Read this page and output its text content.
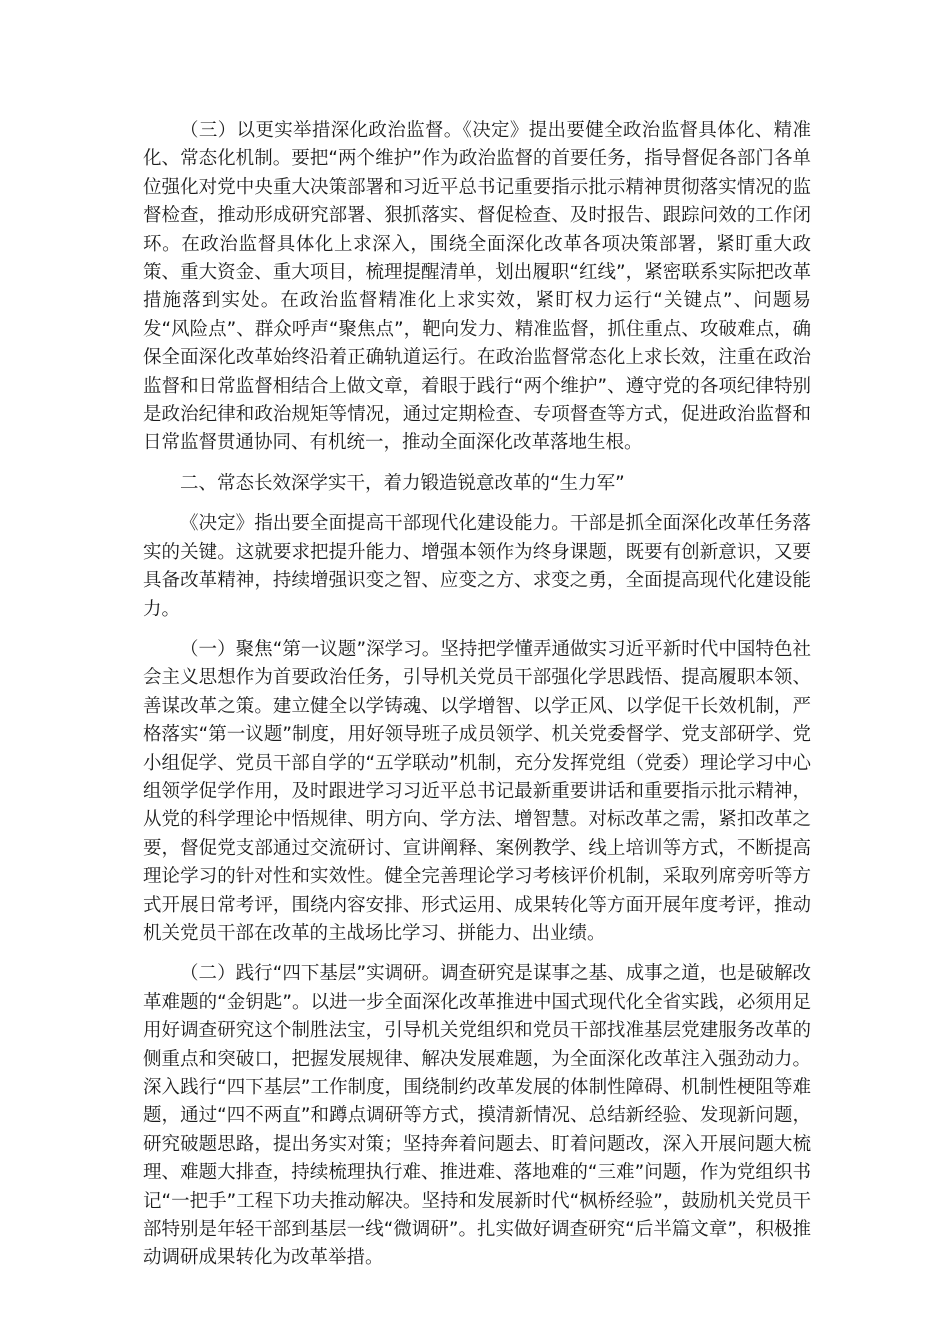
（三）以更实举措深化政治监督。《决定》提出要健全政治监督具体化、精准化、常态化机制。要把“两个维护”作为政治监督的首要任务，指导督促各部门各单位强化对党中央重大决策部署和习近平总书记重要指示批示精神贯彻落实情况的监督检查，推动形成研究部署、狠抓落实、督促检查、及时报告、跟踪问效的工作闭环。在政治监督具体化上求深入，围绕全面深化改革各项决策部署，紧盯重大政策、重大资金、重大项目，梳理提醒清单，划出履职“红线”，紧密联系实际把改革措施落到实处。在政治监督精准化上求实效，紧盯权力运行“关键点”、问题易发“风险点”、群众呼声“聚焦点”，靶向发力、精准监督，抓住重点、攻破难点，确保全面深化改革始终沿着正确轨道运行。在政治监督常态化上求长效，注重在政治监督和日常监督相结合上做文章，着眼于践行“两个维护”、遵守党的各项纪律特别是政治纪律和政治规矩等情况，通过定期检查、专项督查等方式，促进政治监督和日常监督贯通协同、有机统一，推动全面深化改革落地生根。

二、常态长效深学实干，着力锻造锐意改革的“生力军”

《决定》指出要全面提高干部现代化建设能力。干部是抓全面深化改革任务落实的关键。这就要求把提升能力、增强本领作为终身课题，既要有创新意识，又要具备改革精神，持续增强识变之智、应变之方、求变之勇，全面提高现代化建设能力。

（一）聚焦“第一议题”深学习。坚持把学懂弄通做实习近平新时代中国特色社会主义思想作为首要政治任务，引导机关党员干部强化学思践悟、提高履职本领、善谋改革之策。建立健全以学铸魂、以学增智、以学正风、以学促干长效机制，严格落实“第一议题”制度，用好领导班子成员领学、机关党委督学、党支部研学、党小组促学、党员干部自学的“五学联动”机制，充分发挥党组（党委）理论学习中心组领学促学作用，及时跟进学习习近平总书记最新重要讲话和重要指示批示精神，从党的科学理论中悟规律、明方向、学方法、增智慧。对标改革之需，紧扣改革之要，督促党支部通过交流研讨、宣讲阐释、案例教学、线上培训等方式，不断提高理论学习的针对性和实效性。健全完善理论学习考核评价机制，采取列席旁听等方式开展日常考评，围绕内容安排、形式运用、成果转化等方面开展年度考评，推动机关党员干部在改革的主战场比学习、拼能力、出业绩。

（二）践行“四下基层”实调研。调查研究是谋事之基、成事之道，也是破解改革难题的“金钥匙”。以进一步全面深化改革推进中国式现代化全省实践，必须用足用好调查研究这个制胜法宝，引导机关党组织和党员干部找准基层党建服务改革的侧重点和突破口，把握发展规律、解决发展难题，为全面深化改革注入强劲动力。深入践行“四下基层”工作制度，围绕制约改革发展的体制性障碍、机制性梗阻等难题，通过“四不两直”和蹲点调研等方式，摸清新情况、总结新经验、发现新问题，研究破题思路，提出务实对策；坚持奔着问题去、盯着问题改，深入开展问题大梳理、难题大排查，持续梳理执行难、推进难、落地难的“三难”问题，作为党组织书记“一把手”工程下功夫推动解决。坚持和发展新时代“枫桥经验”，鼓励机关党员干部特别是年轻干部到基层一线“微调研”。扎实做好调查研究“后半篇文章”，积极推动调研成果转化为改革举措。
